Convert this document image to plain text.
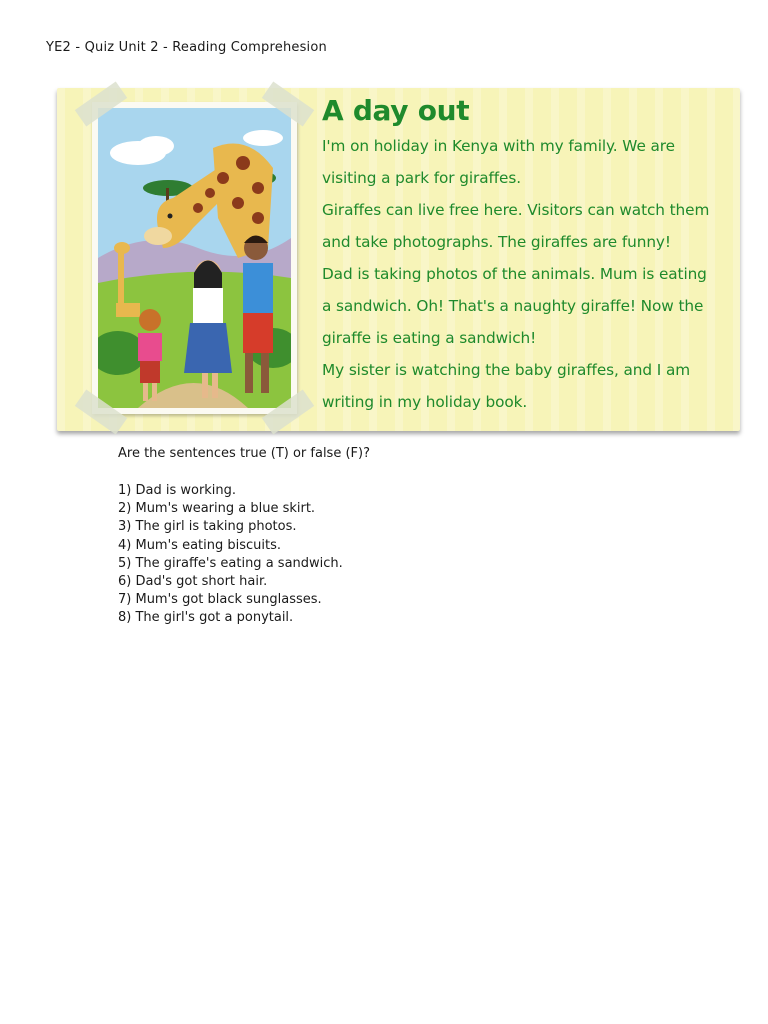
YE2 - Quiz Unit 2 - Reading Comprehesion
A day out
I'm on holiday in Kenya with my family. We are
visiting a park for giraffes.
Giraffes can live free here. Visitors can watch them
and take photographs. The giraffes are funny!
Dad is taking photos of the animals. Mum is eating
a sandwich. Oh! That's a naughty giraffe! Now the
giraffe is eating a sandwich!
My sister is watching the baby giraffes, and I am
writing in my holiday book.
Are the sentences true (T) or false (F)?
1) Dad is working.
2) Mum's wearing a blue skirt.
3) The girl is taking photos.
4) Mum's eating biscuits.
5) The giraffe's eating a sandwich.
6) Dad's got short hair.
7) Mum's got black sunglasses.
8) The girl's got a ponytail.
